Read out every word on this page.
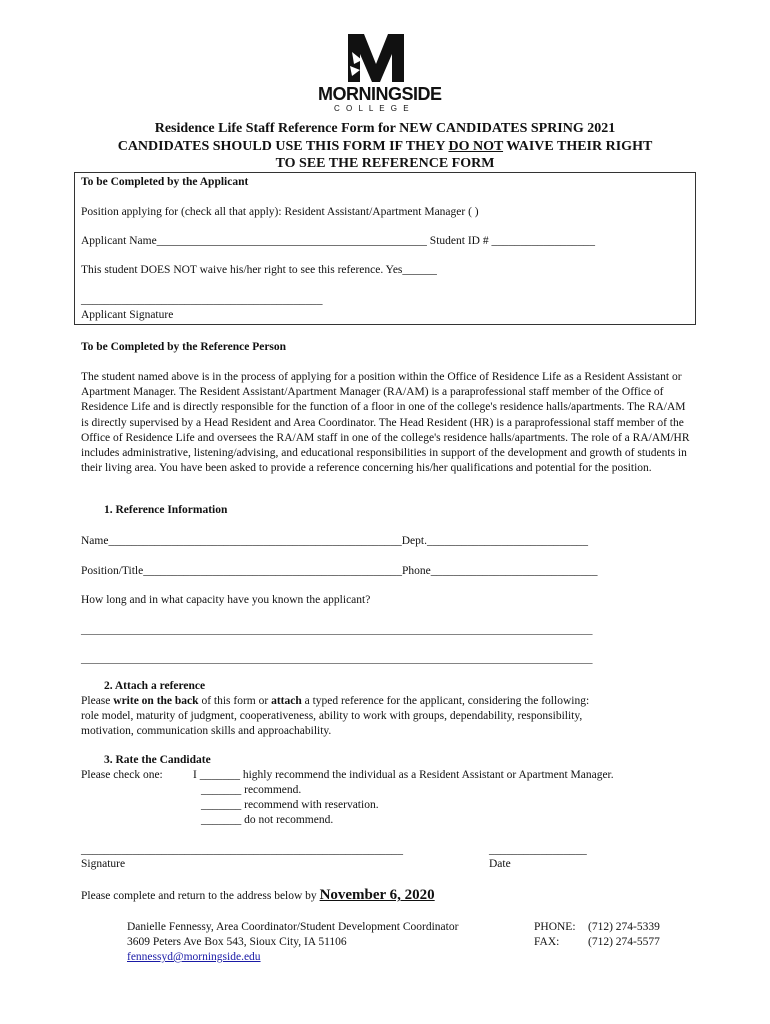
MORNINGSIDE
C O L L E G E
Residence Life Staff Reference Form for NEW CANDIDATES SPRING 2021
CANDIDATES SHOULD USE THIS FORM IF THEY DO NOT WAIVE THEIR RIGHT
TO SEE THE REFERENCE FORM
To be Completed by the Applicant
Position applying for (check all that apply): Resident Assistant/Apartment Manager ( )
Applicant Name_______________________________________________ Student ID # __________________
This student DOES NOT waive his/her right to see this reference. Yes______
__________________________________________
Applicant Signature
To be Completed by the Reference Person
The student named above is in the process of applying for a position within the Office of Residence Life as a Resident Assistant or Apartment Manager. The Resident Assistant/Apartment Manager (RA/AM) is a paraprofessional staff member of the Office of Residence Life and is directly responsible for the function of a floor in one of the college's residence halls/apartments. The RA/AM is directly supervised by a Head Resident and Area Coordinator. The Head Resident (HR) is a paraprofessional staff member of the Office of Residence Life and oversees the RA/AM staff in one of the college's residence halls/apartments. The role of a RA/AM/HR includes administrative, listening/advising, and educational responsibilities in support of the development and growth of students in their living area. You have been asked to provide a reference concerning his/her qualifications and potential for the position.
1. Reference Information
Name___________________________________________________Dept.____________________________
Position/Title_____________________________________________Phone_____________________________
How long and in what capacity have you known the applicant?
_____________________________________________________________________________________________
_____________________________________________________________________________________________
2. Attach a reference
Please write on the back of this form or attach a typed reference for the applicant, considering the following:
role model, maturity of judgment, cooperativeness, ability to work with groups, dependability, responsibility,
motivation, communication skills and approachability.
3. Rate the Candidate
Please check one:	I _______ highly recommend the individual as a Resident Assistant or Apartment Manager.
_______ recommend.
_______ recommend with reservation.
_______ do not recommend.
________________________________________________________
Signature
_________________
Date
Please complete and return to the address below by November 6, 2020
Danielle Fennessy, Area Coordinator/Student Development Coordinator
3609 Peters Ave Box 543, Sioux City, IA 51106
fennessyd@morningside.edu
PHONE: (712) 274-5339
FAX: (712) 274-5577
